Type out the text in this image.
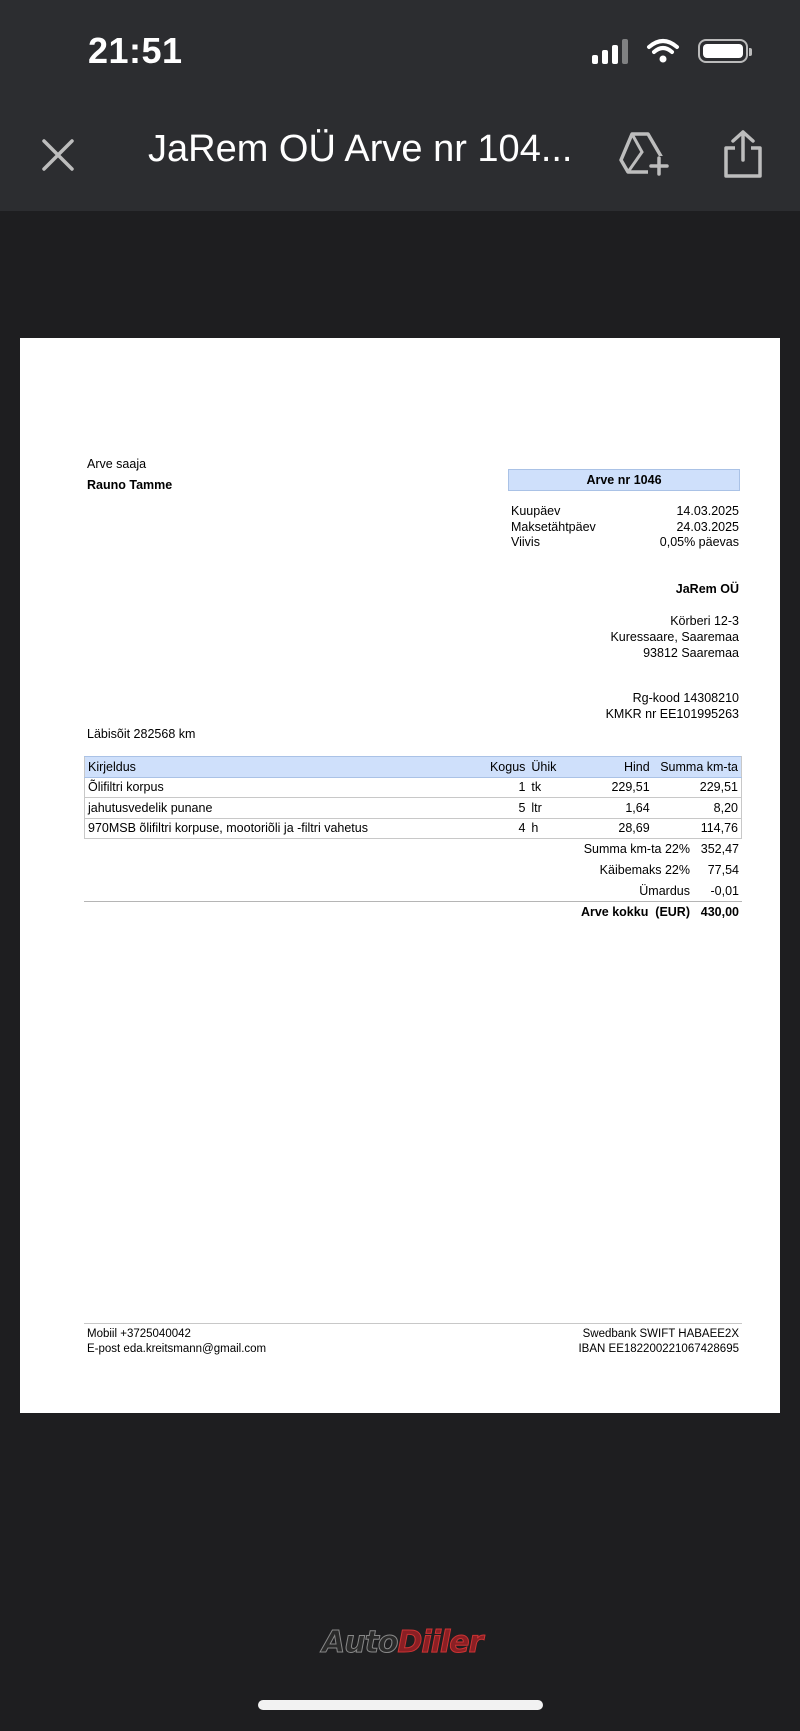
21:51
JaRem OÜ Arve nr 104...
Arve saaja
Rauno Tamme	Arve nr 1046
Kuupäev	14.03.2025
Maksetähtpäev	24.03.2025
Viivis	0,05% päevas
JaRem OÜ
Körberi 12-3
Kuressaare, Saaremaa
93812 Saaremaa
Rg-kood 14308210
KMKR nr EE101995263
Läbisõit 282568 km
Kirjeldus	Kogus	Ühik	Hind	Summa km-ta
Õlifiltri korpus	1	tk	229,51	229,51
jahutusvedelik punane	5	ltr	1,64	8,20
970MSB õlifiltri korpuse, mootoriõli ja -filtri vahetus	4	h	28,69	114,76
Summa km-ta 22% 352,47
Käibemaks 22%	77,54
Ümardus	-0,01
Arve kokku  (EUR) 430,00
Mobiil +3725040042
E-post eda.kreitsmann@gmail.com
Swedbank SWIFT HABAEE2X
IBAN EE182200221067428695
AutoDiiler
